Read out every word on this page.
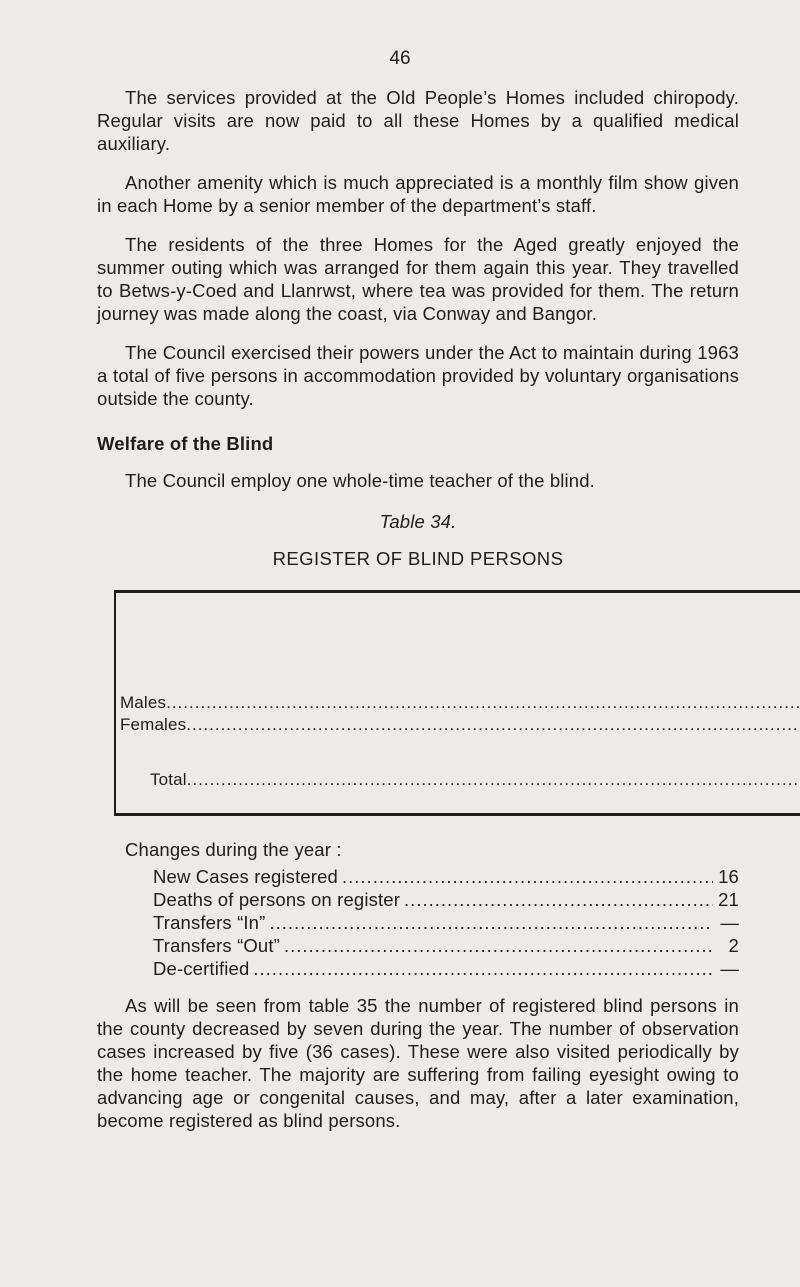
46

The services provided at the Old People’s Homes included chiropody. Regular visits are now paid to all these Homes by a qualified medical auxiliary.

Another amenity which is much appreciated is a monthly film show given in each Home by a senior member of the department’s staff.

The residents of the three Homes for the Aged greatly enjoyed the summer outing which was arranged for them again this year. They travelled to Betws-y-Coed and Llanrwst, where tea was provided for them. The return journey was made along the coast, via Conway and Bangor.

The Council exercised their powers under the Act to maintain during 1963 a total of five persons in accommodation provided by voluntary organisations outside the county.

Welfare of the Blind
The Council employ one whole-time teacher of the blind.
Table 34.
REGISTER OF BLIND PERSONS

Males
.....

Females
.....

Total
.....

Changes during the year :
New Cases registered .....	16
Deaths of persons on register .....	21
Transfers “In” .....	—
Transfers “Out” .....	2
De-certified .....	—

As will be seen from table 35 the number of registered blind persons in the county decreased by seven during the year. The number of observation cases increased by five (36 cases). These were also visited periodically by the home teacher. The majority are suffering from failing eyesight owing to advancing age or congenital causes, and may, after a later examination, become registered as blind persons.
